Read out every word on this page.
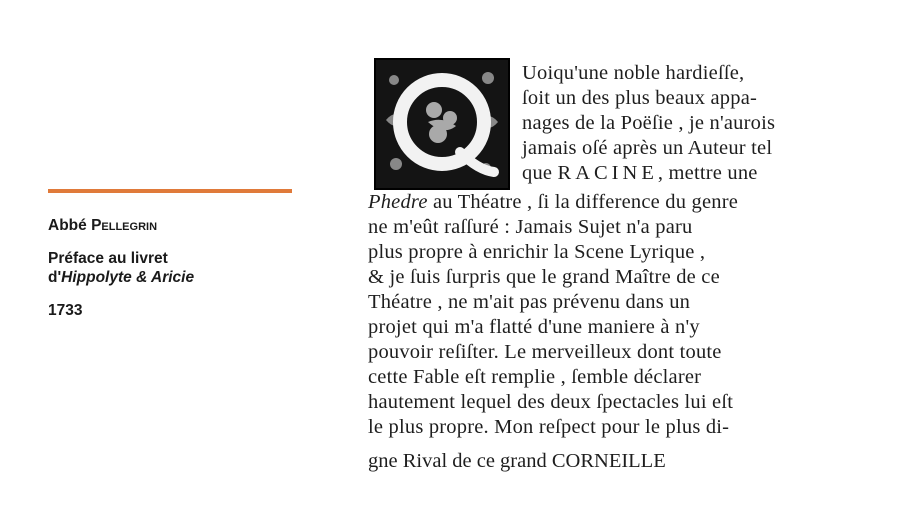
Abbé Pellegrin
Préface au livret
d'Hippolyte & Aricie
1733
Q
Uoiqu'une noble hardieſſe,
ſoit un des plus beaux appa-
nages de la Poëſie , je n'aurois
jamais oſé après un Auteur tel
que RACINE, mettre une
Phedre au Théatre , ſi la difference du genre
ne m'eût raſſuré : Jamais Sujet n'a paru
plus propre à enrichir la Scene Lyrique ,
& je ſuis ſurpris que le grand Maître de ce
Théatre , ne m'ait pas prévenu dans un
projet qui m'a flatté d'une maniere à n'y
pouvoir reſiſter. Le merveilleux dont toute
cette Fable eſt remplie , ſemble déclarer
hautement lequel des deux ſpectacles lui eſt
le plus propre. Mon reſpect pour le plus di-
gne Rival de ce grand CORNEILLE
